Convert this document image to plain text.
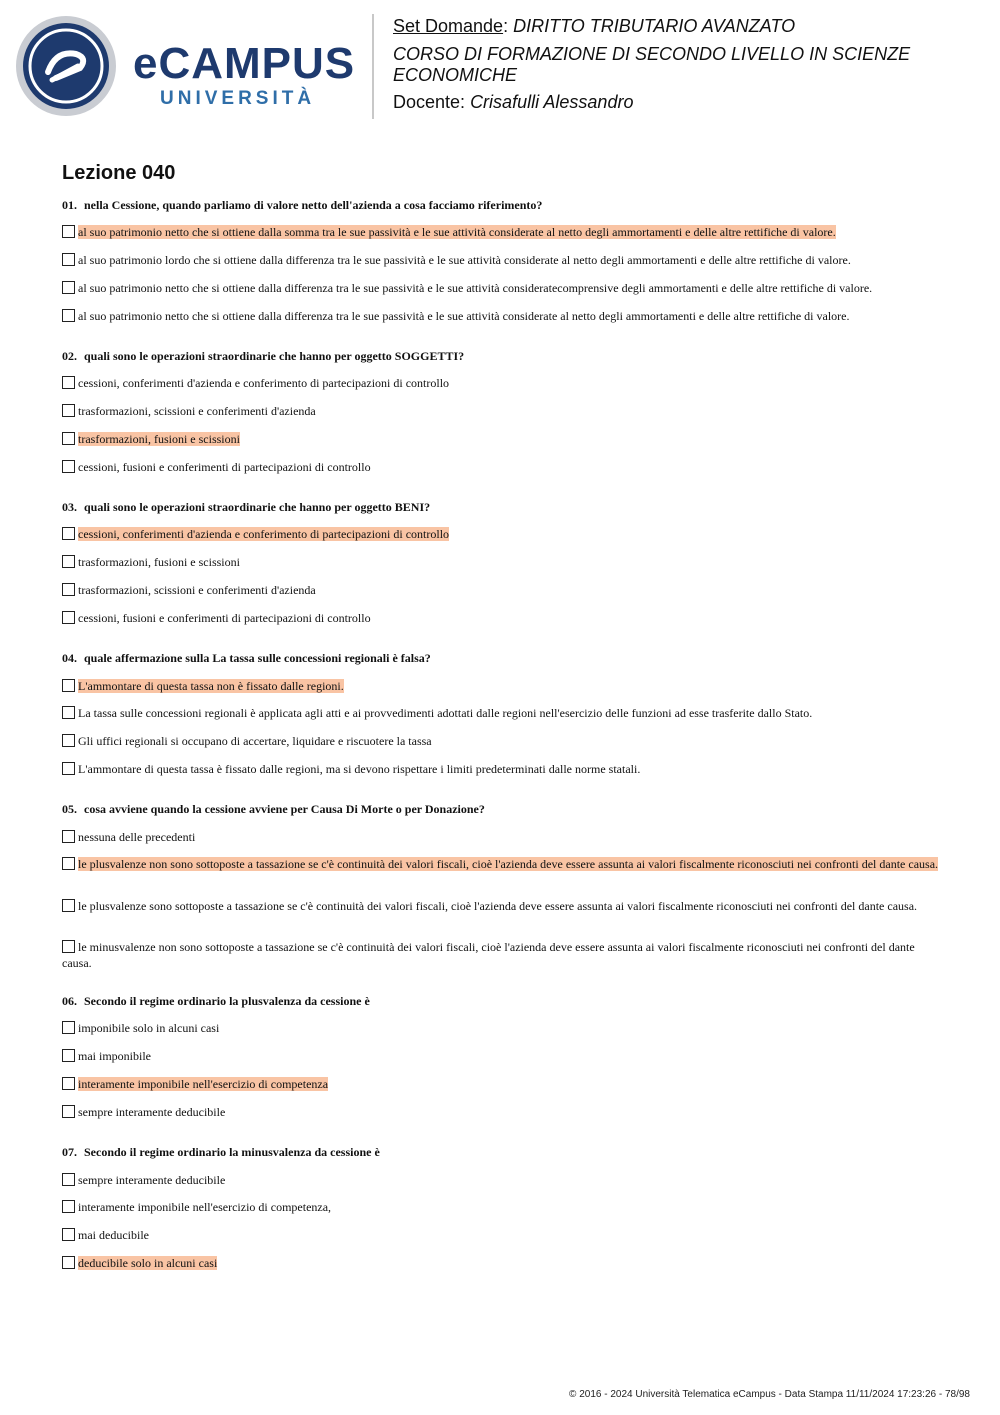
eCAMPUS
UNIVERSITÀ
Set Domande: DIRITTO TRIBUTARIO AVANZATO
CORSO DI FORMAZIONE DI SECONDO LIVELLO IN SCIENZE
ECONOMICHE
Docente: Crisafulli Alessandro
Lezione 040
01. nella Cessione, quando parliamo di valore netto dell'azienda a cosa facciamo riferimento?
al suo patrimonio netto che si ottiene dalla somma tra le sue passività e le sue attività considerate al netto degli ammortamenti e delle altre rettifiche di valore.
al suo patrimonio lordo che si ottiene dalla differenza tra le sue passività e le sue attività considerate al netto degli ammortamenti e delle altre rettifiche di valore.
al suo patrimonio netto che si ottiene dalla differenza tra le sue passività e le sue attività consideratecomprensive degli ammortamenti e delle altre rettifiche di valore.
al suo patrimonio netto che si ottiene dalla differenza tra le sue passività e le sue attività considerate al netto degli ammortamenti e delle altre rettifiche di valore.
02. quali sono le operazioni straordinarie che hanno per oggetto SOGGETTI?
cessioni, conferimenti d'azienda e conferimento di partecipazioni di controllo
trasformazioni, scissioni e conferimenti d'azienda
trasformazioni, fusioni e scissioni
cessioni, fusioni e conferimenti di partecipazioni di controllo
03. quali sono le operazioni straordinarie che hanno per oggetto BENI?
cessioni, conferimenti d'azienda e conferimento di partecipazioni di controllo
trasformazioni, fusioni e scissioni
trasformazioni, scissioni e conferimenti d'azienda
cessioni, fusioni e conferimenti di partecipazioni di controllo
04. quale affermazione sulla La tassa sulle concessioni regionali è falsa?
L'ammontare di questa tassa non è fissato dalle regioni.
La tassa sulle concessioni regionali è applicata agli atti e ai provvedimenti adottati dalle regioni nell'esercizio delle funzioni ad esse trasferite dallo Stato.
Gli uffici regionali si occupano di accertare, liquidare e riscuotere la tassa
L'ammontare di questa tassa è fissato dalle regioni, ma si devono rispettare i limiti predeterminati dalle norme statali.
05. cosa avviene quando la cessione avviene per Causa Di Morte o per Donazione?
nessuna delle precedenti
le plusvalenze non sono sottoposte a tassazione se c'è continuità dei valori fiscali, cioè l'azienda deve essere assunta ai valori fiscalmente riconosciuti nei confronti del dante causa.
le plusvalenze sono sottoposte a tassazione se c'è continuità dei valori fiscali, cioè l'azienda deve essere assunta ai valori fiscalmente riconosciuti nei confronti del dante causa.
le minusvalenze non sono sottoposte a tassazione se c'è continuità dei valori fiscali, cioè l'azienda deve essere assunta ai valori fiscalmente riconosciuti nei confronti del dante causa.
06. Secondo il regime ordinario la plusvalenza da cessione è
imponibile solo in alcuni casi
mai imponibile
interamente imponibile nell'esercizio di competenza
sempre interamente deducibile
07. Secondo il regime ordinario la minusvalenza da cessione è
sempre interamente deducibile
interamente imponibile nell'esercizio di competenza,
mai deducibile
deducibile solo in alcuni casi
© 2016 - 2024 Università Telematica eCampus - Data Stampa 11/11/2024 17:23:26 - 78/98
